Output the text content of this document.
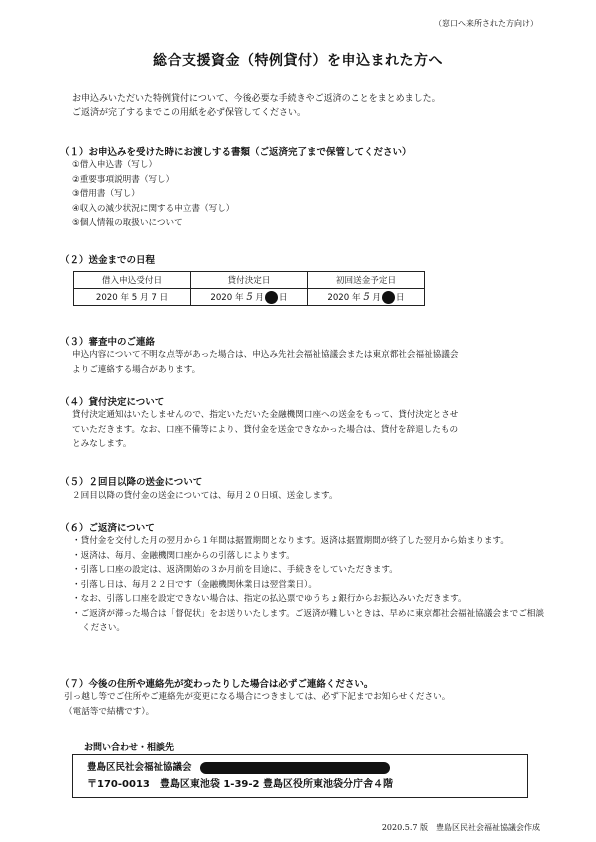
（窓口へ来所された方向け）
総合支援資金（特例貸付）を申込まれた方へ
お申込みいただいた特例貸付について、今後必要な手続きやご返済のことをまとめました。
ご返済が完了するまでこの用紙を必ず保管してください。
（１）お申込みを受けた時にお渡しする書類（ご返済完了まで保管してください）
①借入申込書（写し）
②重要事項説明書（写し）
③借用書（写し）
④収入の減少状況に関する申立書（写し）
⑤個人情報の取扱いについて
（２）送金までの日程
借入申込受付日	貸付決定日	初回送金予定日
2020 年 5 月 7 日	2020 年 5 月 日	2020 年 5 月 日
（３）審査中のご連絡
申込内容について不明な点等があった場合は、申込み先社会福祉協議会または東京都社会福祉協議会
よりご連絡する場合があります。
（４）貸付決定について
貸付決定通知はいたしませんので、指定いただいた金融機関口座への送金をもって、貸付決定とさせ
ていただきます。なお、口座不備等により、貸付金を送金できなかった場合は、貸付を辞退したもの
とみなします。
（５）２回目以降の送金について
２回目以降の貸付金の送金については、毎月２０日頃、送金します。
（６）ご返済について
・貸付金を交付した月の翌月から１年間は据置期間となります。返済は据置期間が終了した翌月から始まります。
・返済は、毎月、金融機関口座からの引落しによります。
・引落し口座の設定は、返済開始の３か月前を目途に、手続きをしていただきます。
・引落し日は、毎月２２日です（金融機関休業日は翌営業日）。
・なお、引落し口座を設定できない場合は、指定の払込票でゆうちょ銀行からお振込みいただきます。
・ご返済が滞った場合は「督促状」をお送りいたします。ご返済が難しいときは、早めに東京都社会福祉協議会までご相談ください。
（７）今後の住所や連絡先が変わったりした場合は必ずご連絡ください。
引っ越し等でご住所やご連絡先が変更になる場合につきましては、必ず下記までお知らせください。
（電話等で結構です）。
お問い合わせ・相談先
豊島区民社会福祉協議会
〒170-0013　豊島区東池袋 1-39-2 豊島区役所東池袋分庁舎４階
2020.5.7 版　豊島区民社会福祉協議会作成
